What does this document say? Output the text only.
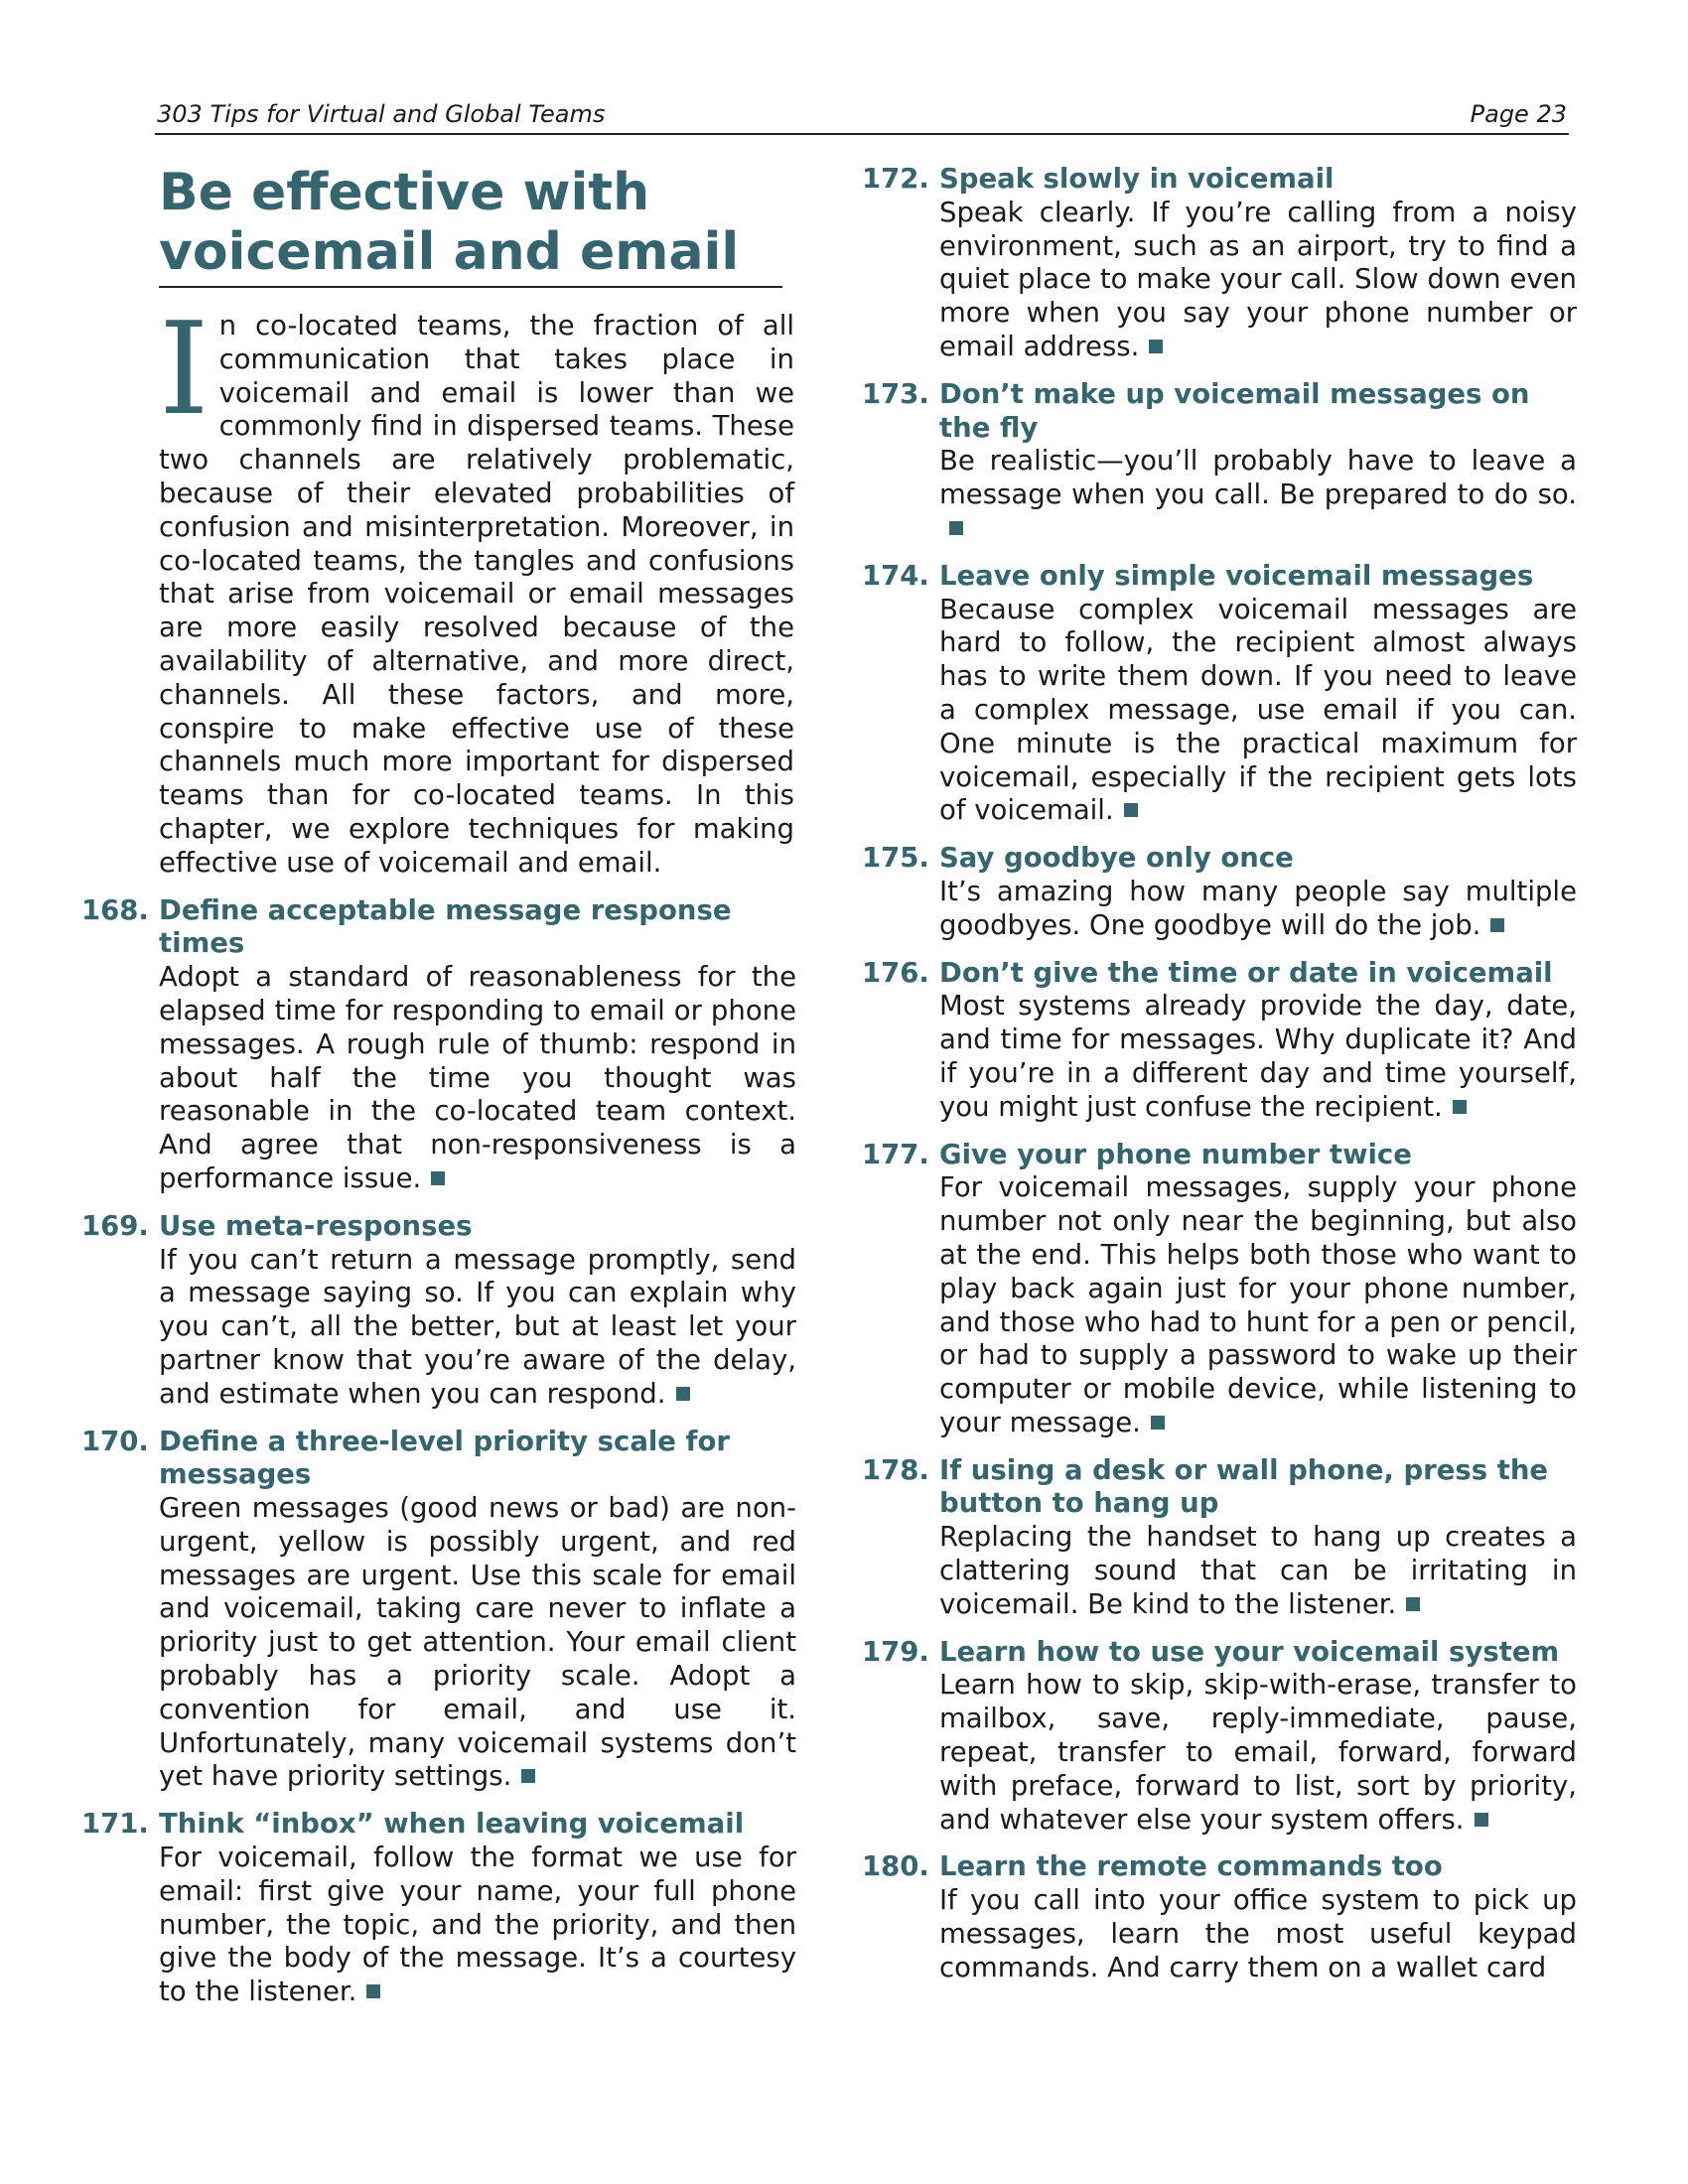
303 Tips for Virtual and Global Teams	Page 23
Be effective with voicemail and email
In co-located teams, the fraction of all communication that takes place in voicemail and email is lower than we commonly find in dispersed teams. These two channels are relatively problematic, because of their elevated probabilities of confusion and misinterpretation. Moreover, in co-located teams, the tangles and confusions that arise from voicemail or email messages are more easily resolved because of the availability of alternative, and more direct, channels. All these factors, and more, conspire to make effective use of these channels much more important for dispersed teams than for co-located teams. In this chapter, we explore techniques for making effective use of voicemail and email.
168. Define acceptable message response times
Adopt a standard of reasonableness for the elapsed time for responding to email or phone messages. A rough rule of thumb: respond in about half the time you thought was reasonable in the co-located team context. And agree that non-responsiveness is a performance issue.
169. Use meta-responses
If you can’t return a message promptly, send a message saying so. If you can explain why you can’t, all the better, but at least let your partner know that you’re aware of the delay, and estimate when you can respond.
170. Define a three-level priority scale for messages
Green messages (good news or bad) are non-urgent, yellow is possibly urgent, and red messages are urgent. Use this scale for email and voicemail, taking care never to inflate a priority just to get attention. Your email client probably has a priority scale. Adopt a convention for email, and use it. Unfortunately, many voicemail systems don’t yet have priority settings.
171. Think “inbox” when leaving voicemail
For voicemail, follow the format we use for email: first give your name, your full phone number, the topic, and the priority, and then give the body of the message. It’s a courtesy to the listener.
172. Speak slowly in voicemail
Speak clearly. If you’re calling from a noisy environment, such as an airport, try to find a quiet place to make your call. Slow down even more when you say your phone number or email address.
173. Don’t make up voicemail messages on the fly
Be realistic—you’ll probably have to leave a message when you call. Be prepared to do so.
174. Leave only simple voicemail messages
Because complex voicemail messages are hard to follow, the recipient almost always has to write them down. If you need to leave a complex message, use email if you can. One minute is the practical maximum for voicemail, especially if the recipient gets lots of voicemail.
175. Say goodbye only once
It’s amazing how many people say multiple goodbyes. One goodbye will do the job.
176. Don’t give the time or date in voicemail
Most systems already provide the day, date, and time for messages. Why duplicate it? And if you’re in a different day and time yourself, you might just confuse the recipient.
177. Give your phone number twice
For voicemail messages, supply your phone number not only near the beginning, but also at the end. This helps both those who want to play back again just for your phone number, and those who had to hunt for a pen or pencil, or had to supply a password to wake up their computer or mobile device, while listening to your message.
178. If using a desk or wall phone, press the button to hang up
Replacing the handset to hang up creates a clattering sound that can be irritating in voicemail. Be kind to the listener.
179. Learn how to use your voicemail system
Learn how to skip, skip-with-erase, transfer to mailbox, save, reply-immediate, pause, repeat, transfer to email, forward, forward with preface, forward to list, sort by priority, and whatever else your system offers.
180. Learn the remote commands too
If you call into your office system to pick up messages, learn the most useful keypad commands. And carry them on a wallet card
